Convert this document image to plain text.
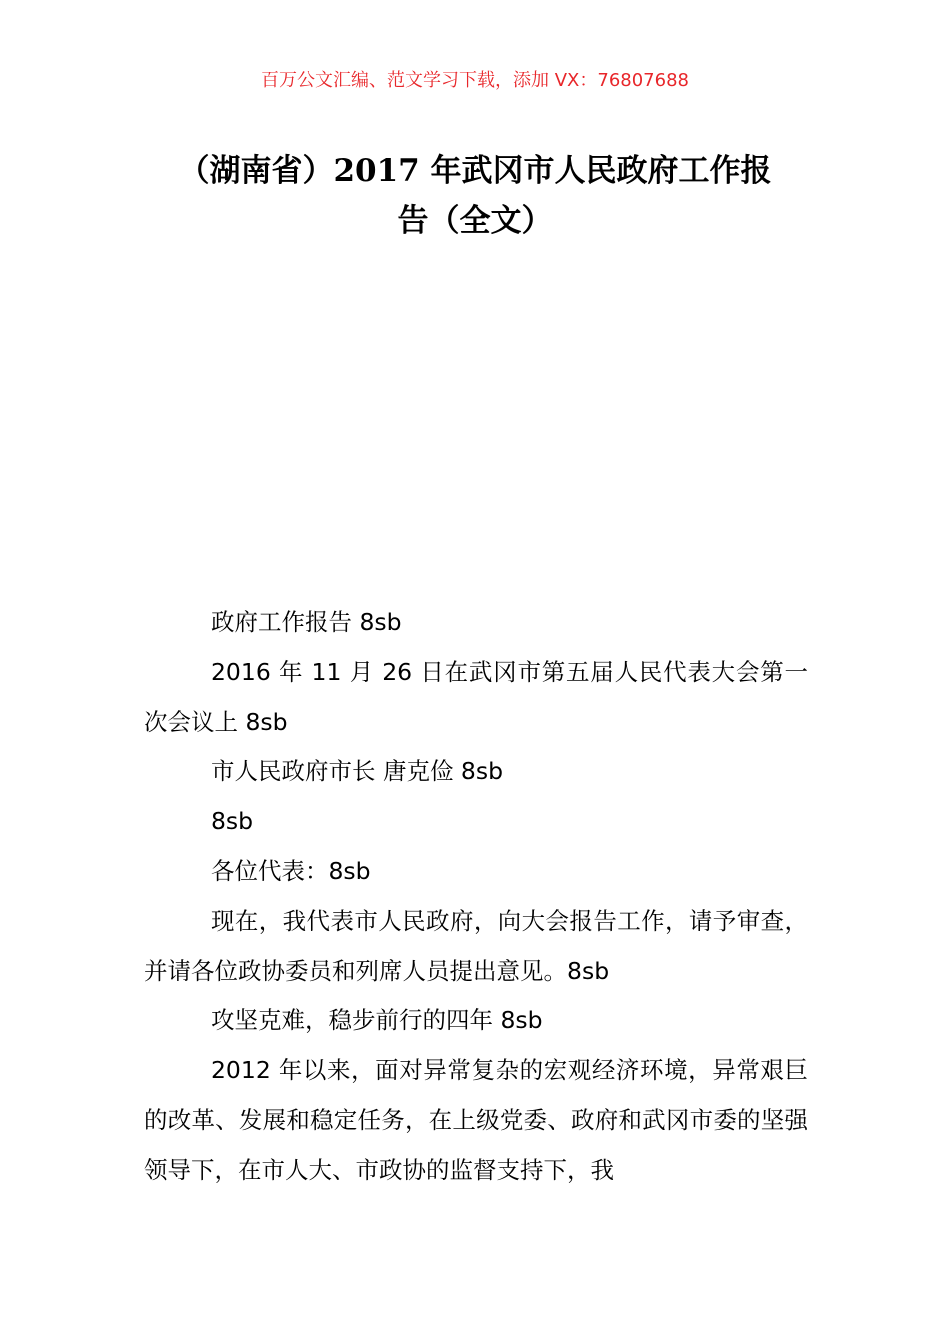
百万公文汇编、范文学习下载，添加 VX：76807688
（湖南省）2017 年武冈市人民政府工作报
告（全文）

政府工作报告 8sb

2016 年 11 月 26 日在武冈市第五届人民代表大会第一次会议上 8sb

市人民政府市长 唐克俭 8sb

8sb

各位代表：8sb

现在，我代表市人民政府，向大会报告工作，请予审查，并请各位政协委员和列席人员提出意见。8sb

攻坚克难，稳步前行的四年 8sb

2012 年以来，面对异常复杂的宏观经济环境，异常艰巨的改革、发展和稳定任务，在上级党委、政府和武冈市委的坚强领导下，在市人大、市政协的监督支持下，我
